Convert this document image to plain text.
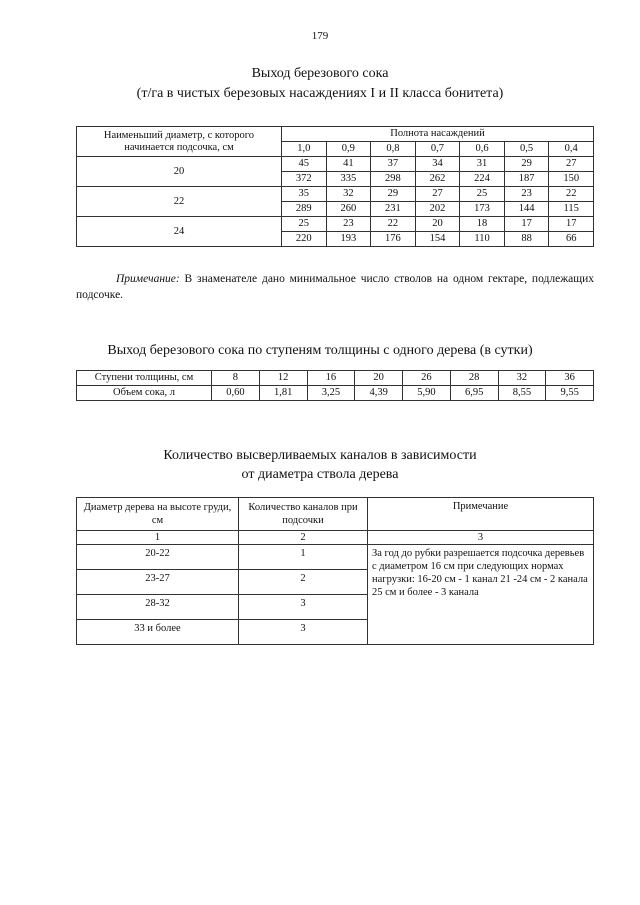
179
Выход березового сока
(т/га в чистых березовых насаждениях I и II класса бонитета)
Наименьший диаметр, с которого начинается подсочка, см	Полнота насаждений						
	1,0	0,9	0,8	0,7	0,6	0,5	0,4
20	45	41	37	34	31	29	27
	372	335	298	262	224	187	150
22	35	32	29	27	25	23	22
	289	260	231	202	173	144	115
24	25	23	22	20	18	17	17
	220	193	176	154	110	88	66
Примечание: В знаменателе дано минимальное число стволов на одном гектаре, подлежащих подсочке.
Выход березового сока по ступеням толщины с одного дерева (в сутки)
Ступени толщины, см	8	12	16	20	26	28	32	36
Объем сока, л	0,60	1,81	3,25	4,39	5,90	6,95	8,55	9,55
Количество высверливаемых каналов в зависимости
от диаметра ствола дерева
Диаметр дерева на высоте груди, см	Количество каналов при подсочки	Примечание
1	2	3
20-22	1	За год до рубки разрешается подсочка деревьев с диаметром 16 см при следующих нормах нагрузки: 16-20 см - 1 канал 21 -24 см - 2 канала 25 см и более - 3 канала
23-27	2	
28-32	3	
33 и более	3	
